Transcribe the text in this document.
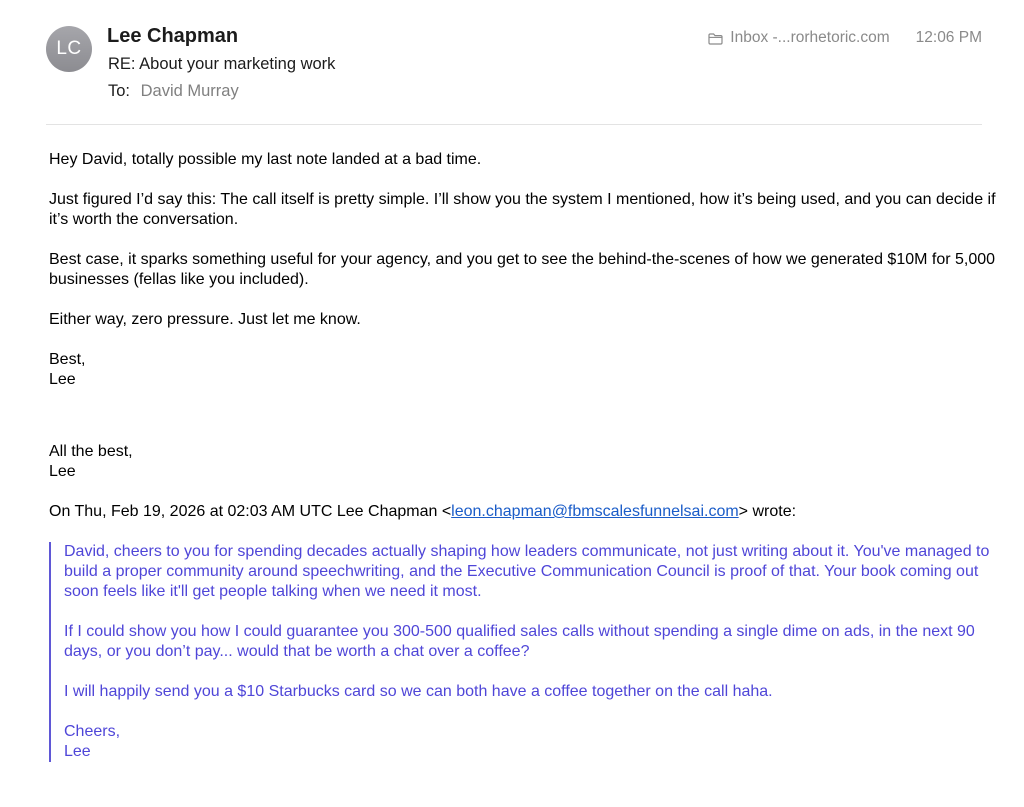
LC
Lee Chapman
RE: About your marketing work
To: David Murray
Inbox -...rorhetoric.com 12:06 PM

Hey David, totally possible my last note landed at a bad time.

Just figured I’d say this: The call itself is pretty simple. I’ll show you the system I mentioned, how it’s being used, and you can decide if it’s worth the conversation.

Best case, it sparks something useful for your agency, and you get to see the behind-the-scenes of how we generated $10M for 5,000 businesses (fellas like you included).

Either way, zero pressure. Just let me know.

Best,
Lee

All the best,
Lee

On Thu, Feb 19, 2026 at 02:03 AM UTC Lee Chapman <leon.chapman@fbmscalesfunnelsai.com> wrote:

David, cheers to you for spending decades actually shaping how leaders communicate, not just writing about it. You've managed to build a proper community around speechwriting, and the Executive Communication Council is proof of that. Your book coming out soon feels like it'll get people talking when we need it most.

If I could show you how I could guarantee you 300-500 qualified sales calls without spending a single dime on ads, in the next 90 days, or you don’t pay... would that be worth a chat over a coffee?

I will happily send you a $10 Starbucks card so we can both have a coffee together on the call haha.

Cheers,
Lee
